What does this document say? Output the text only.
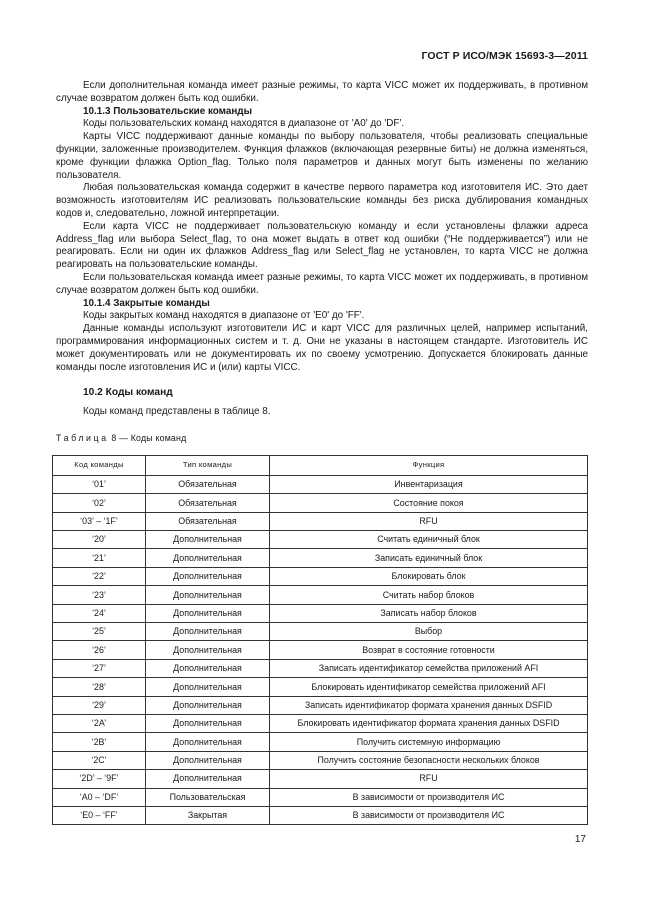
ГОСТ Р ИСО/МЭК 15693-3—2011

Если дополнительная команда имеет разные режимы, то карта VICC может их поддерживать, в противном случае возвратом должен быть код ошибки.

10.1.3 Пользовательские команды

Коды пользовательских команд находятся в диапазоне от 'A0' до 'DF'.

Карты VICC поддерживают данные команды по выбору пользователя, чтобы реализовать специальные функции, заложенные производителем. Функция флажков (включающая резервные биты) не должна изменяться, кроме функции флажка Option_flag. Только поля параметров и данных могут быть изменены по желанию пользователя.

Любая пользовательская команда содержит в качестве первого параметра код изготовителя ИС. Это дает возможность изготовителям ИС реализовать пользовательские команды без риска дублирования командных кодов и, следовательно, ложной интерпретации.

Если карта VICC не поддерживает пользовательскую команду и если установлены флажки адреса Address_flag или выбора Select_flag, то она может выдать в ответ код ошибки (“Не поддерживается”) или не реагировать. Если ни один их флажков Address_flag или Select_flag не установлен, то карта VICC не должна реагировать на пользовательские команды.

Если пользовательская команда имеет разные режимы, то карта VICC может их поддерживать, в противном случае возвратом должен быть код ошибки.

10.1.4 Закрытые команды

Коды закрытых команд находятся в диапазоне от 'E0' до 'FF'.

Данные команды используют изготовители ИС и карт VICC для различных целей, например испытаний, программирования информационных систем и т. д. Они не указаны в настоящем стандарте. Изготовитель ИС может документировать или не документировать их по своему усмотрению. Допускается блокировать данные команды после изготовления ИС и (или) карты VICC.

10.2 Коды команд

Коды команд представлены в таблице 8.

Таблица 8 — Коды команд
Код команды	Тип команды	Функция
‘01’	Обязательная	Инвентаризация
‘02’	Обязательная	Состояние покоя
‘03’ – ‘1F’	Обязательная	RFU
‘20’	Дополнительная	Считать единичный блок
‘21’	Дополнительная	Записать единичный блок
‘22’	Дополнительная	Блокировать блок
‘23’	Дополнительная	Считать набор блоков
‘24’	Дополнительная	Записать набор блоков
‘25’	Дополнительная	Выбор
‘26’	Дополнительная	Возврат в состояние готовности
‘27’	Дополнительная	Записать идентификатор семейства приложений AFI
‘28’	Дополнительная	Блокировать идентификатор семейства приложений AFI
‘29’	Дополнительная	Записать идентификатор формата хранения данных DSFID
‘2A’	Дополнительная	Блокировать идентификатор формата хранения данных DSFID
‘2B’	Дополнительная	Получить системную информацию
‘2C’	Дополнительная	Получить состояние безопасности нескольких блоков
‘2D’ – ‘9F’	Дополнительная	RFU
‘A0 – ‘DF’	Пользовательская	В зависимости от производителя ИС
‘E0 – ‘FF’	Закрытая	В зависимости от производителя ИС
17
